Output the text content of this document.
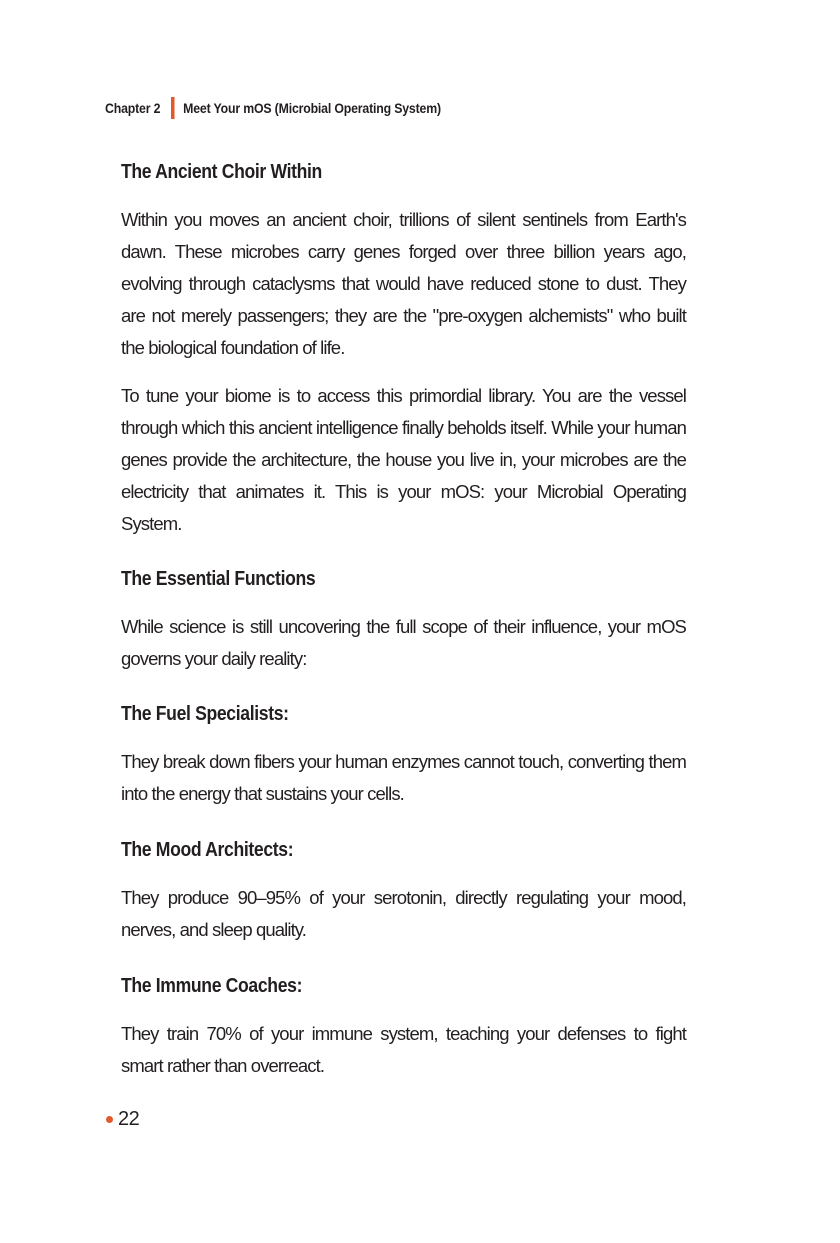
Chapter 2 Meet Your mOS (Microbial Operating System)
The Ancient Choir Within

Within you moves an ancient choir, trillions of silent sentinels from Earth's dawn. These microbes carry genes forged over three billion years ago, evolving through cataclysms that would have reduced stone to dust. They are not merely passengers; they are the "pre-oxygen alchemists" who built the biological foundation of life.

To tune your biome is to access this primordial library. You are the vessel through which this ancient intelligence finally beholds itself. While your human genes provide the architecture, the house you live in, your microbes are the electricity that animates it. This is your mOS: your Microbial Operating System.

The Essential Functions

While science is still uncovering the full scope of their influence, your mOS governs your daily reality:

The Fuel Specialists:

They break down fibers your human enzymes cannot touch, converting them into the energy that sustains your cells.

The Mood Architects:

They produce 90–95% of your serotonin, directly regulating your mood, nerves, and sleep quality.

The Immune Coaches:

They train 70% of your immune system, teaching your defenses to fight smart rather than overreact.

22
